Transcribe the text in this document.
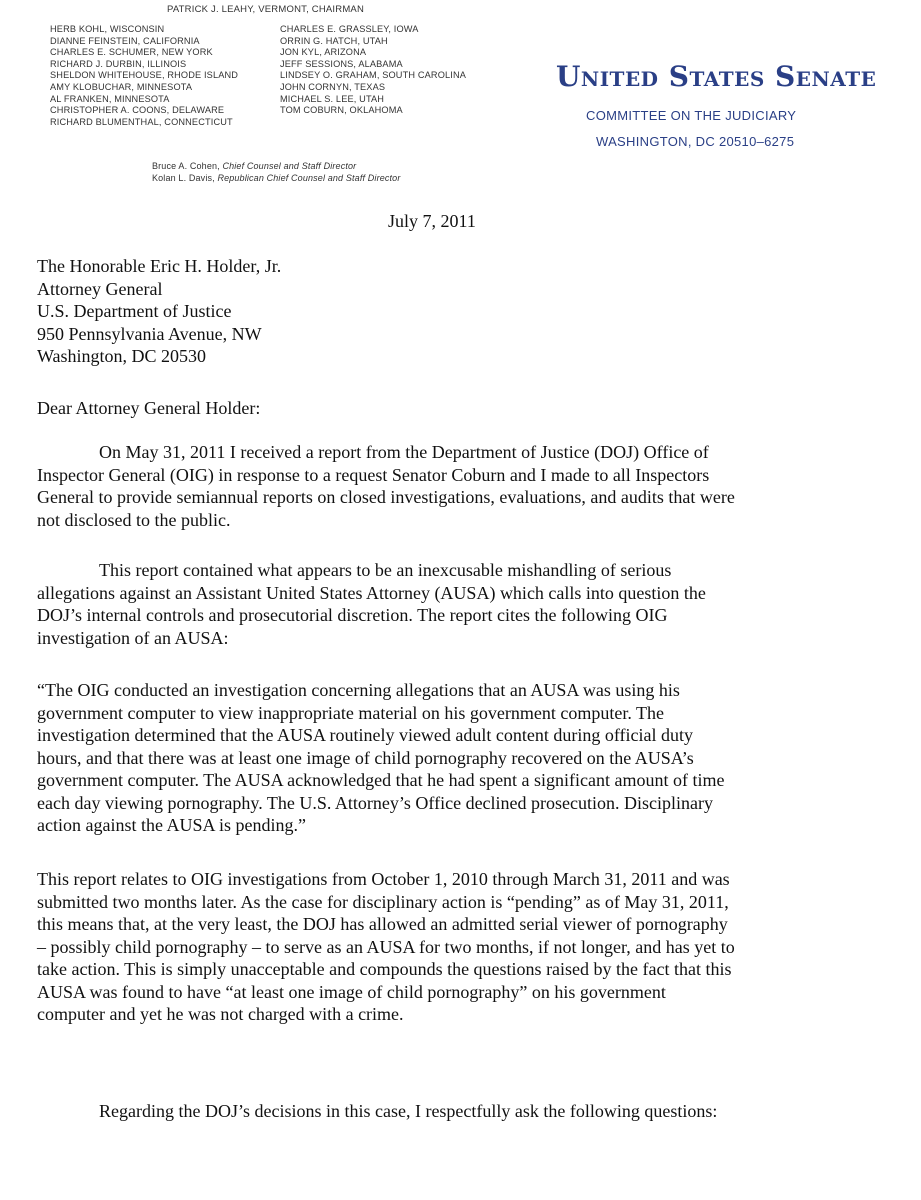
PATRICK J. LEAHY, VERMONT, CHAIRMAN
HERB KOHL, WISCONSIN
DIANNE FEINSTEIN, CALIFORNIA
CHARLES E. SCHUMER, NEW YORK
RICHARD J. DURBIN, ILLINOIS
SHELDON WHITEHOUSE, RHODE ISLAND
AMY KLOBUCHAR, MINNESOTA
AL FRANKEN, MINNESOTA
CHRISTOPHER A. COONS, DELAWARE
RICHARD BLUMENTHAL, CONNECTICUT
CHARLES E. GRASSLEY, IOWA
ORRIN G. HATCH, UTAH
JON KYL, ARIZONA
JEFF SESSIONS, ALABAMA
LINDSEY O. GRAHAM, SOUTH CAROLINA
JOHN CORNYN, TEXAS
MICHAEL S. LEE, UTAH
TOM COBURN, OKLAHOMA
Bruce A. Cohen, Chief Counsel and Staff Director
Kolan L. Davis, Republican Chief Counsel and Staff Director
United States Senate
COMMITTEE ON THE JUDICIARY
WASHINGTON, DC 20510–6275
July 7, 2011
The Honorable Eric H. Holder, Jr.
Attorney General
U.S. Department of Justice
950 Pennsylvania Avenue, NW
Washington, DC 20530
Dear Attorney General Holder:
On May 31, 2011 I received a report from the Department of Justice (DOJ) Office of
Inspector General (OIG) in response to a request Senator Coburn and I made to all Inspectors
General to provide semiannual reports on closed investigations, evaluations, and audits that were
not disclosed to the public.
This report contained what appears to be an inexcusable mishandling of serious
allegations against an Assistant United States Attorney (AUSA) which calls into question the
DOJ’s internal controls and prosecutorial discretion. The report cites the following OIG
investigation of an AUSA:
“The OIG conducted an investigation concerning allegations that an AUSA was using his
government computer to view inappropriate material on his government computer. The
investigation determined that the AUSA routinely viewed adult content during official duty
hours, and that there was at least one image of child pornography recovered on the AUSA’s
government computer. The AUSA acknowledged that he had spent a significant amount of time
each day viewing pornography. The U.S. Attorney’s Office declined prosecution. Disciplinary
action against the AUSA is pending.”
This report relates to OIG investigations from October 1, 2010 through March 31, 2011 and was
submitted two months later. As the case for disciplinary action is “pending” as of May 31, 2011,
this means that, at the very least, the DOJ has allowed an admitted serial viewer of pornography
– possibly child pornography – to serve as an AUSA for two months, if not longer, and has yet to
take action. This is simply unacceptable and compounds the questions raised by the fact that this
AUSA was found to have “at least one image of child pornography” on his government
computer and yet he was not charged with a crime.
Regarding the DOJ’s decisions in this case, I respectfully ask the following questions:
